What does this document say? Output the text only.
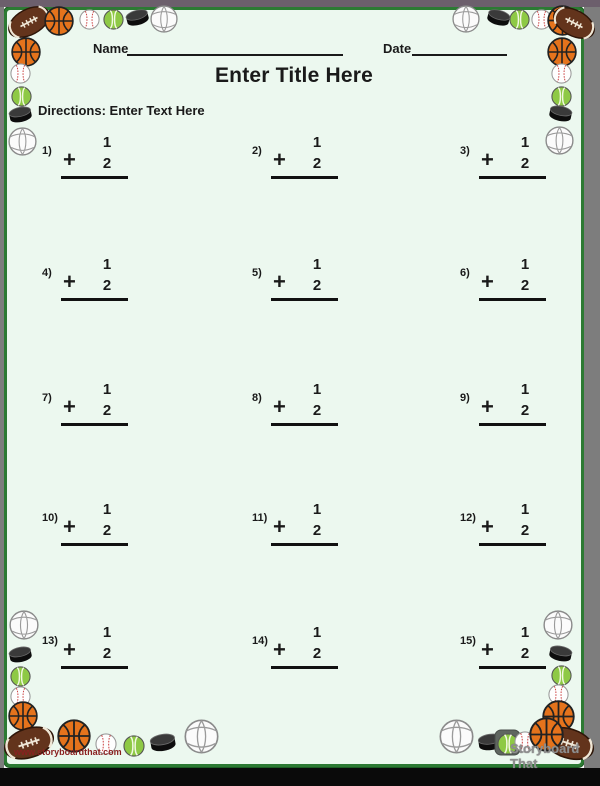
Name	Date
Enter Title Here
Directions: Enter Text Here
1)	1
+	2
2)	1
+	2
3)	1
+	2
4)	1
+	2
5)	1
+	2
6)	1
+	2
7)	1
+	2
8)	1
+	2
9)	1
+	2
10)	1
+	2
11)	1
+	2
12)	1
+	2
13)	1
+	2
14)	1
+	2
15)	1
+	2
www.storyboardthat.com	Storyboard That
